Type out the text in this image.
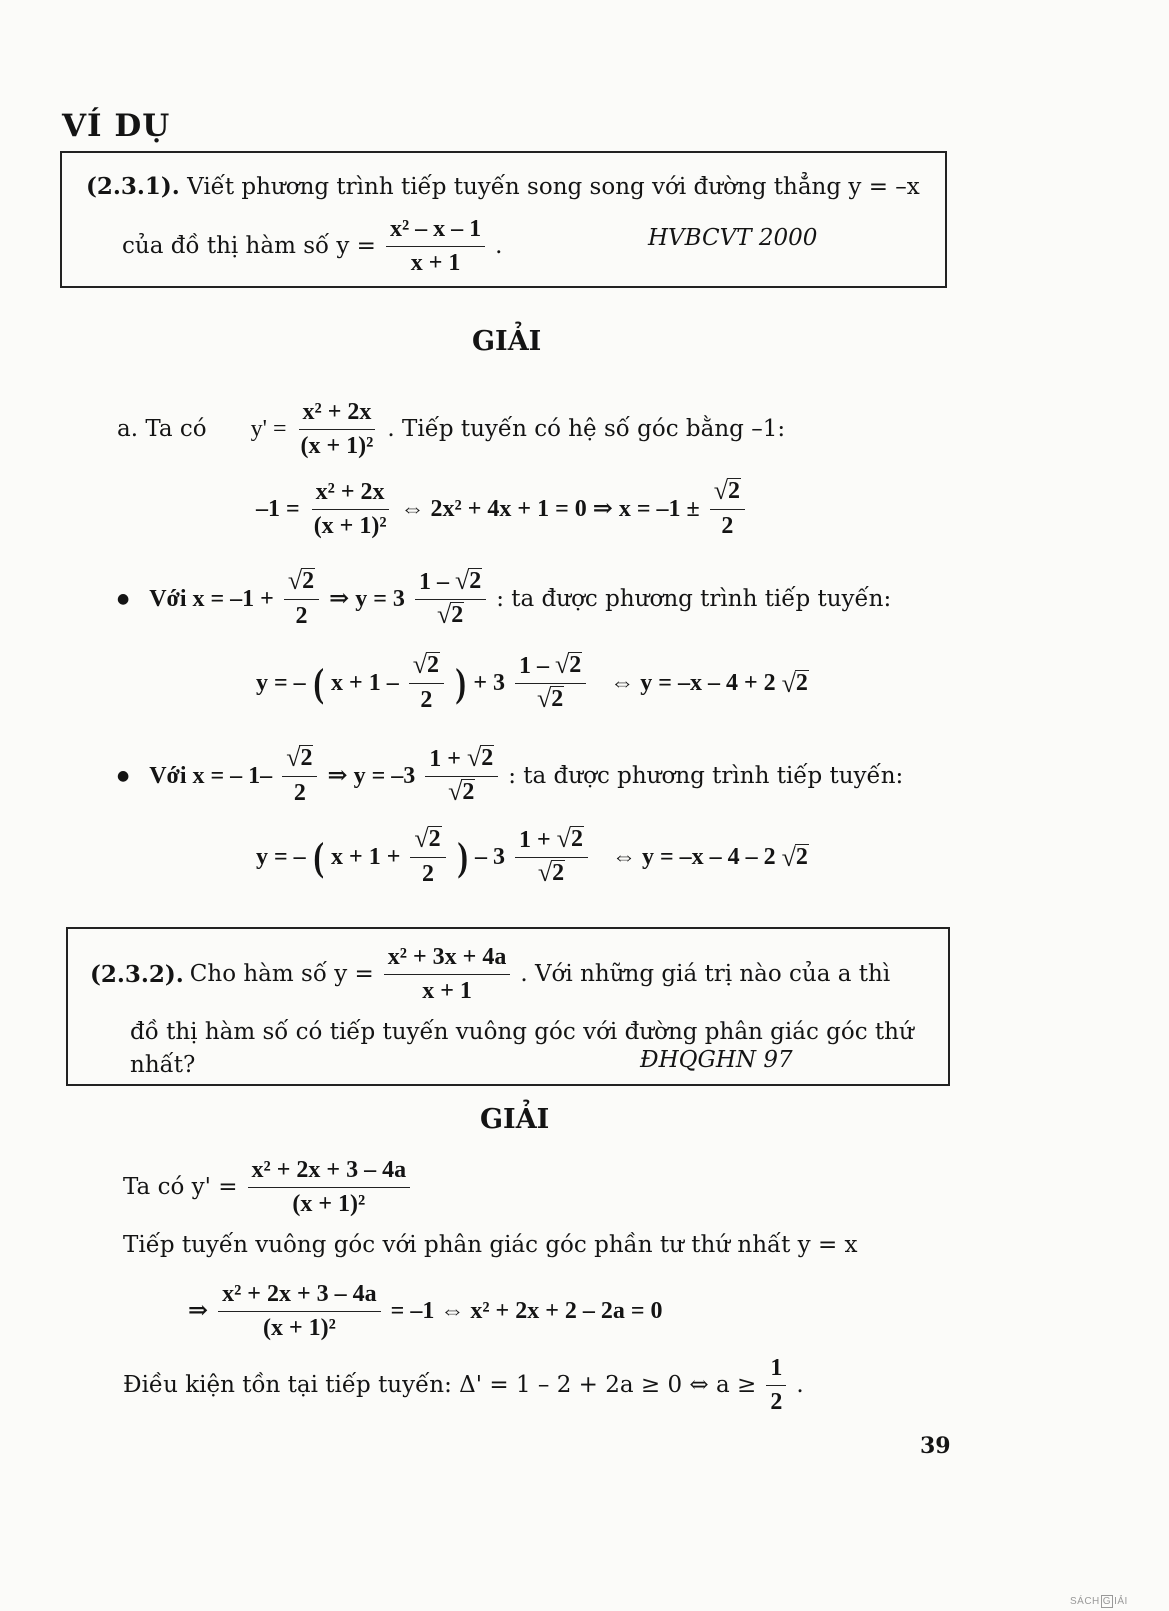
VÍ DỤ
(2.3.1). Viết phương trình tiếp tuyến song song với đường thẳng y = –x
của đồ thị hàm số $y = \frac{\text{x² – x – 1}}{x + 1}$ .	HVBCVT 2000
GIẢI
a. Ta có $y' = \frac{\text{x² + 2x}}{\text{(x + 1)²}}$ . Tiếp tuyến có hệ số góc bằng –1:
$-1 = \frac{\text{x² + 2x}}{\text{(x + 1)²}}$ ⇔ 2x² + 4x + 1 = 0 ⇒ $x = -1 \pm \frac{√ 2}{2}$
● Với $x = -1 + \frac{√ 2}{2}$ ⇒ $y = 3 \frac{1 - √ 2}{√ 2}$ : ta được phương trình tiếp tuyến:
y = – ( $x + 1 - \frac{√ 2}{2}$ ) + $3 \frac{1 - √ 2}{√ 2}$ ⇔ y = –x – 4 + 2 √ 2
● Với x = – $1- \frac{√ 2}{2}$ ⇒ $y = -3 \frac{1 + √ 2}{√ 2}$ : ta được phương trình tiếp tuyến:
y = – ( $x + 1 + \frac{√ 2}{2}$ ) – $3 \frac{1 + √ 2}{√ 2}$ ⇔ y = –x – 4 – 2 √ 2
(2.3.2). Cho hàm số $y = \frac{\text{x² + 3x + 4a}}{x + 1}$ . Với những giá trị nào của a thì
đồ thị hàm số có tiếp tuyến vuông góc với đường phân giác góc thứ
nhất?	ĐHQGHN 97
GIẢI
Ta có $y' = \frac{\text{x² + 2x + 3 – 4a}}{\text{(x + 1)²}}$
Tiếp tuyến vuông góc với phân giác góc phần tư thứ nhất y = x
⇒ $\frac{\text{x² + 2x + 3 – 4a}}{\text{(x + 1)²}} = -1$ ⇔ x² + 2x + 2 – 2a = 0
Điều kiện tồn tại tiếp tuyến: Δ' = 1 – 2 + 2a ≥ 0 ⇔ $a \ge \frac{1}{2}$ .
39
SÁCH G IẢI
